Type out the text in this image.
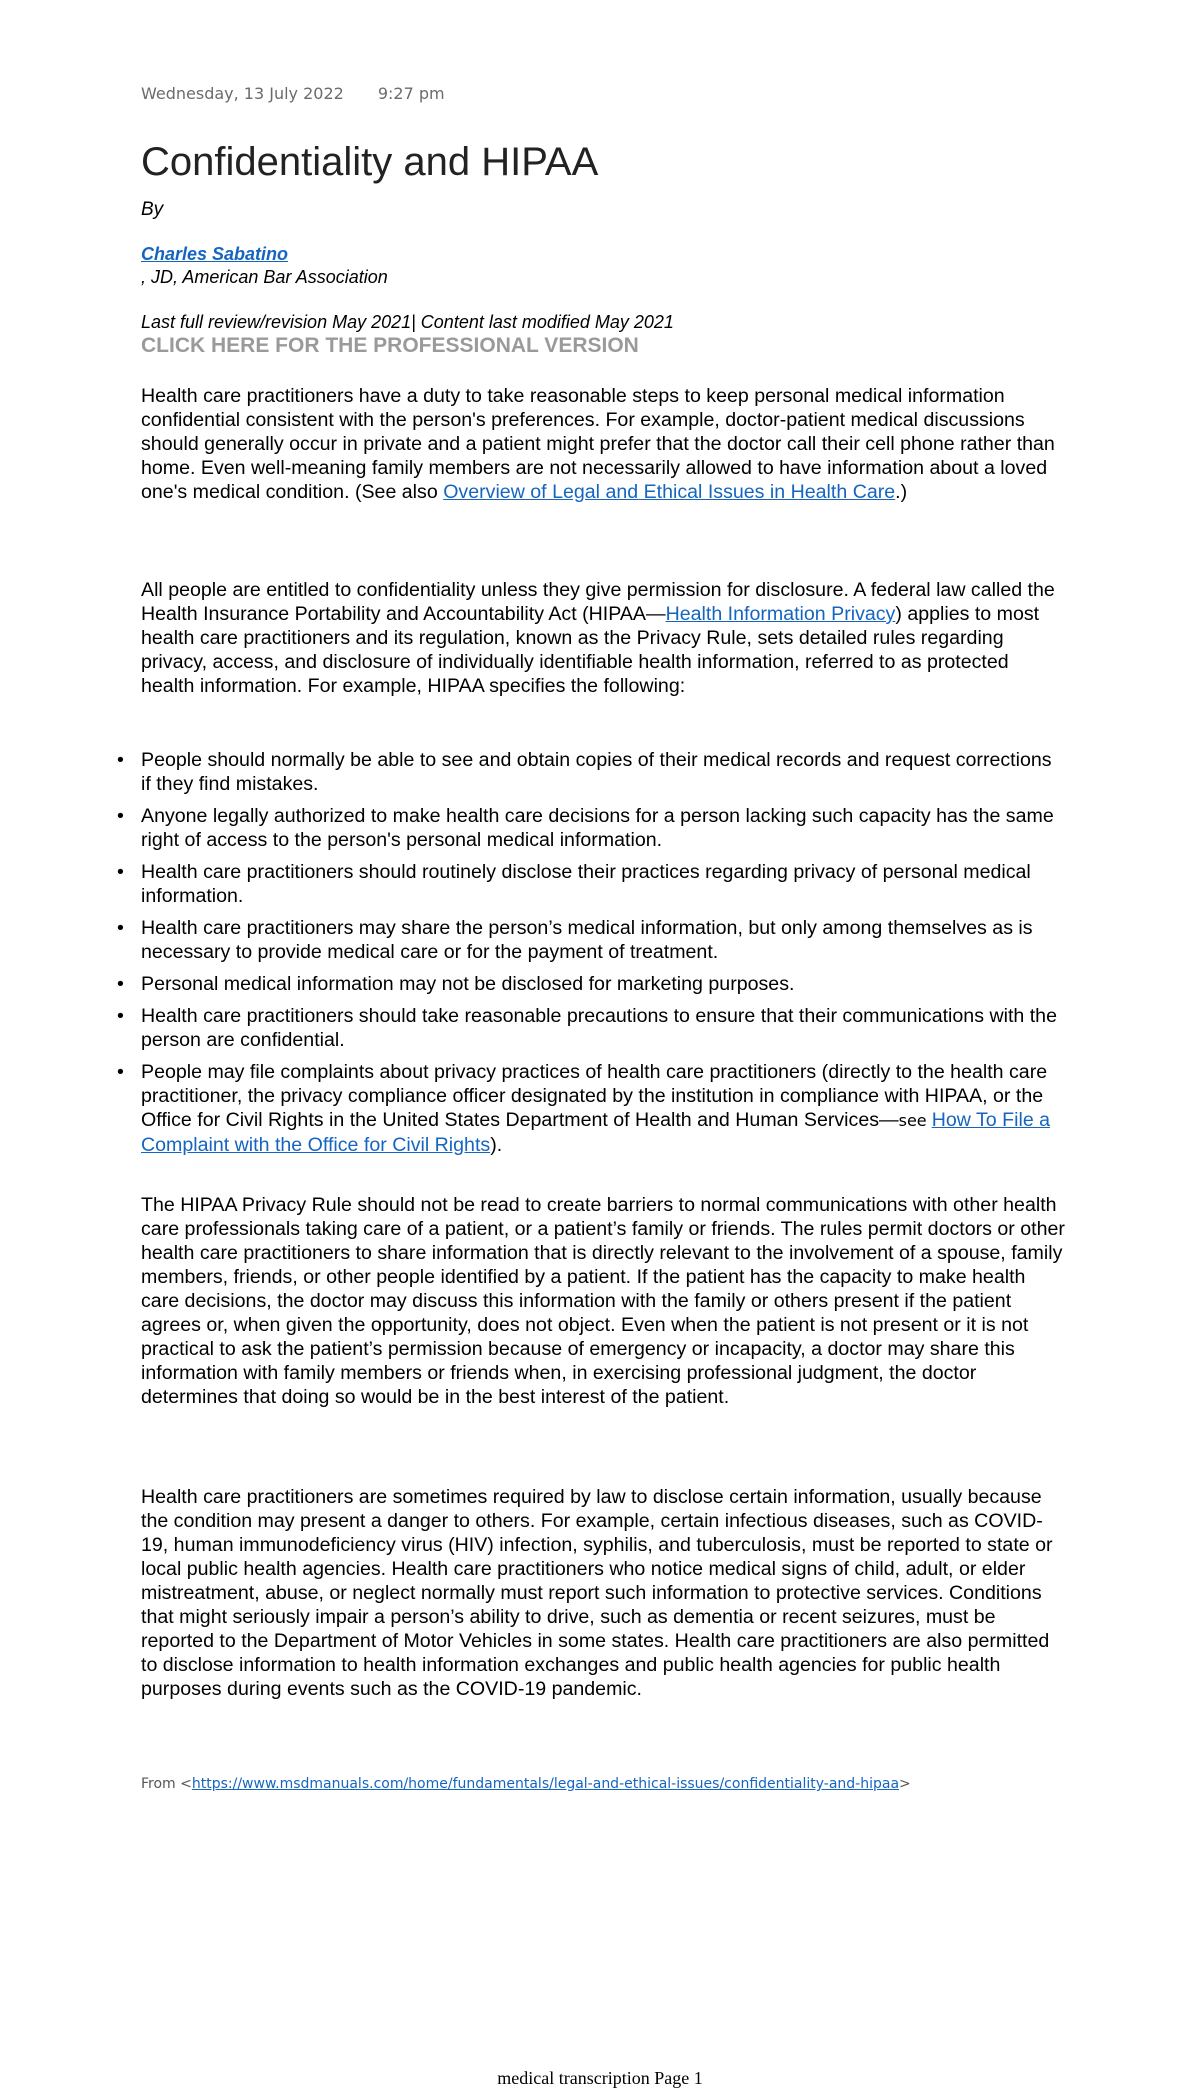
Wednesday, 13 July 2022 9:27 pm
Confidentiality and HIPAA
By
Charles Sabatino
, JD, American Bar Association
Last full review/revision May 2021| Content last modified May 2021
CLICK HERE FOR THE PROFESSIONAL VERSION

Health care practitioners have a duty to take reasonable steps to keep personal medical information confidential consistent with the person's preferences. For example, doctor-patient medical discussions should generally occur in private and a patient might prefer that the doctor call their cell phone rather than home. Even well-meaning family members are not necessarily allowed to have information about a loved one's medical condition. (See also Overview of Legal and Ethical Issues in Health Care.)

All people are entitled to confidentiality unless they give permission for disclosure. A federal law called the Health Insurance Portability and Accountability Act (HIPAA—Health Information Privacy) applies to most health care practitioners and its regulation, known as the Privacy Rule, sets detailed rules regarding privacy, access, and disclosure of individually identifiable health information, referred to as protected health information. For example, HIPAA specifies the following:

• People should normally be able to see and obtain copies of their medical records and request corrections if they find mistakes.
• Anyone legally authorized to make health care decisions for a person lacking such capacity has the same right of access to the person's personal medical information.
• Health care practitioners should routinely disclose their practices regarding privacy of personal medical information.
• Health care practitioners may share the person’s medical information, but only among themselves as is necessary to provide medical care or for the payment of treatment.
• Personal medical information may not be disclosed for marketing purposes.
• Health care practitioners should take reasonable precautions to ensure that their communications with the person are confidential.
• People may file complaints about privacy practices of health care practitioners (directly to the health care practitioner, the privacy compliance officer designated by the institution in compliance with HIPAA, or the Office for Civil Rights in the United States Department of Health and Human Services—see How To File a Complaint with the Office for Civil Rights).

The HIPAA Privacy Rule should not be read to create barriers to normal communications with other health care professionals taking care of a patient, or a patient’s family or friends. The rules permit doctors or other health care practitioners to share information that is directly relevant to the involvement of a spouse, family members, friends, or other people identified by a patient. If the patient has the capacity to make health care decisions, the doctor may discuss this information with the family or others present if the patient agrees or, when given the opportunity, does not object. Even when the patient is not present or it is not practical to ask the patient’s permission because of emergency or incapacity, a doctor may share this information with family members or friends when, in exercising professional judgment, the doctor determines that doing so would be in the best interest of the patient.

Health care practitioners are sometimes required by law to disclose certain information, usually because the condition may present a danger to others. For example, certain infectious diseases, such as COVID-19, human immunodeficiency virus (HIV) infection, syphilis, and tuberculosis, must be reported to state or local public health agencies. Health care practitioners who notice medical signs of child, adult, or elder mistreatment, abuse, or neglect normally must report such information to protective services. Conditions that might seriously impair a person’s ability to drive, such as dementia or recent seizures, must be reported to the Department of Motor Vehicles in some states. Health care practitioners are also permitted to disclose information to health information exchanges and public health agencies for public health purposes during events such as the COVID-19 pandemic.

From <https://www.msdmanuals.com/home/fundamentals/legal-and-ethical-issues/confidentiality-and-hipaa>
medical transcription Page 1
